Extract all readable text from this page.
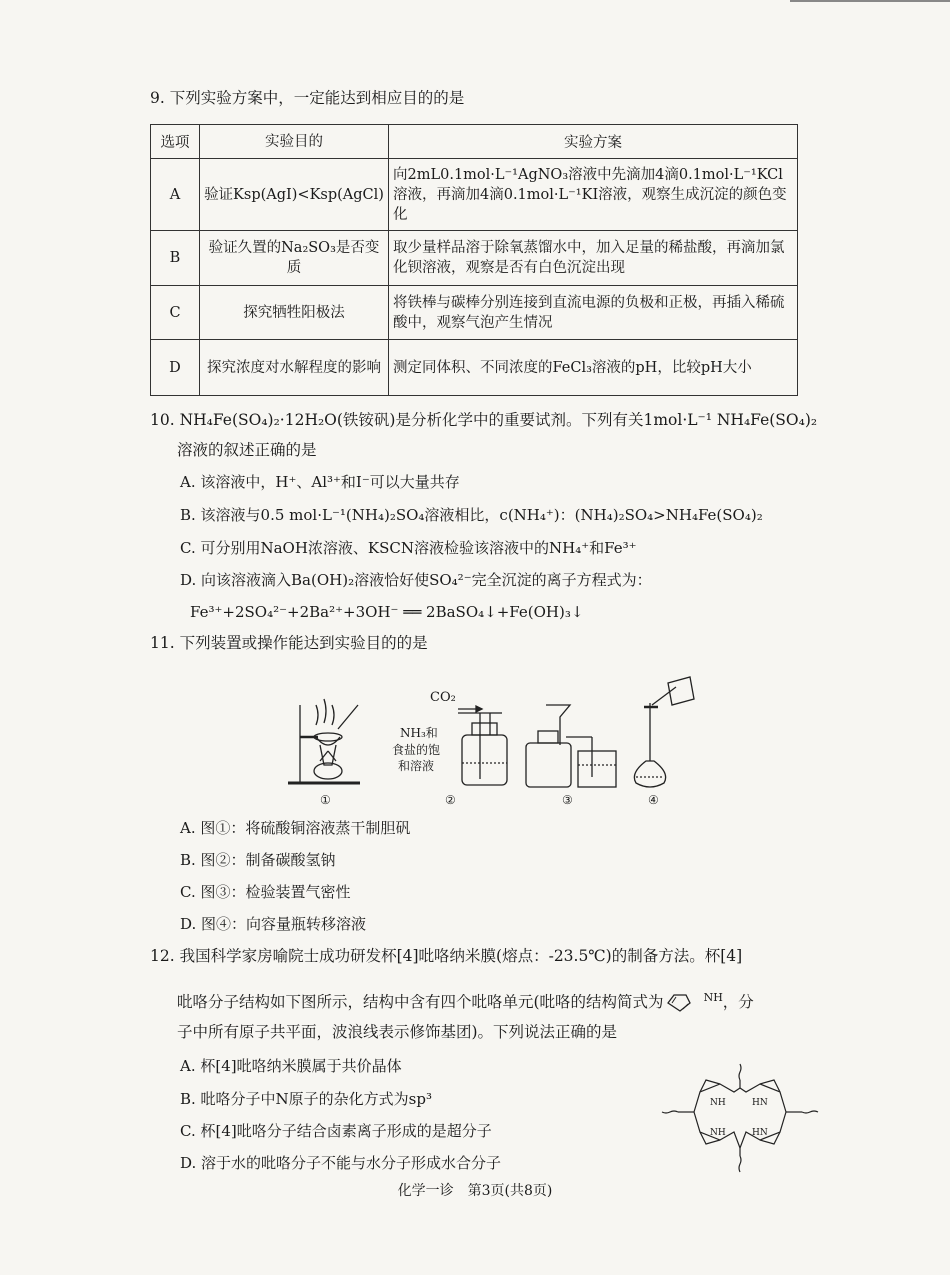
9. 下列实验方案中，一定能达到相应目的的是
选项	实验目的	实验方案
A	验证Ksp(AgI)<Ksp(AgCl)	向2mL0.1mol·L⁻¹AgNO₃溶液中先滴加4滴0.1mol·L⁻¹KCl溶液，再滴加4滴0.1mol·L⁻¹KI溶液，观察生成沉淀的颜色变化
B	验证久置的Na₂SO₃是否变质	取少量样品溶于除氧蒸馏水中，加入足量的稀盐酸，再滴加氯化钡溶液，观察是否有白色沉淀出现
C	探究牺牲阳极法	将铁棒与碳棒分别连接到直流电源的负极和正极，再插入稀硫酸中，观察气泡产生情况
D	探究浓度对水解程度的影响	测定同体积、不同浓度的FeCl₃溶液的pH，比较pH大小
10. NH₄Fe(SO₄)₂·12H₂O(铁铵矾)是分析化学中的重要试剂。下列有关1mol·L⁻¹ NH₄Fe(SO₄)₂
溶液的叙述正确的是
A. 该溶液中，H⁺、Al³⁺和I⁻可以大量共存
B. 该溶液与0.5 mol·L⁻¹(NH₄)₂SO₄溶液相比，c(NH₄⁺)：(NH₄)₂SO₄>NH₄Fe(SO₄)₂
C. 可分别用NaOH浓溶液、KSCN溶液检验该溶液中的NH₄⁺和Fe³⁺
D. 向该溶液滴入Ba(OH)₂溶液恰好使SO₄²⁻完全沉淀的离子方程式为：
Fe³⁺+2SO₄²⁻+2Ba²⁺+3OH⁻ ══ 2BaSO₄↓+Fe(OH)₃↓
11. 下列装置或操作能达到实验目的的是
CO₂
NH₃和
食盐的饱
和溶液
①	②	③	④
A. 图①：将硫酸铜溶液蒸干制胆矾
B. 图②：制备碳酸氢钠
C. 图③：检验装置气密性
D. 图④：向容量瓶转移溶液
12. 我国科学家房喻院士成功研发杯[4]吡咯纳米膜(熔点：-23.5℃)的制备方法。杯[4]
吡咯分子结构如下图所示，结构中含有四个吡咯单元(吡咯的结构简式为	$^{NH}$，分
子中所有原子共平面，波浪线表示修饰基团)。下列说法正确的是
A. 杯[4]吡咯纳米膜属于共价晶体
B. 吡咯分子中N原子的杂化方式为sp³
C. 杯[4]吡咯分子结合卤素离子形成的是超分子
D. 溶于水的吡咯分子不能与水分子形成水合分子
NH	HN
NH	HN
化学一诊　第3页(共8页)
